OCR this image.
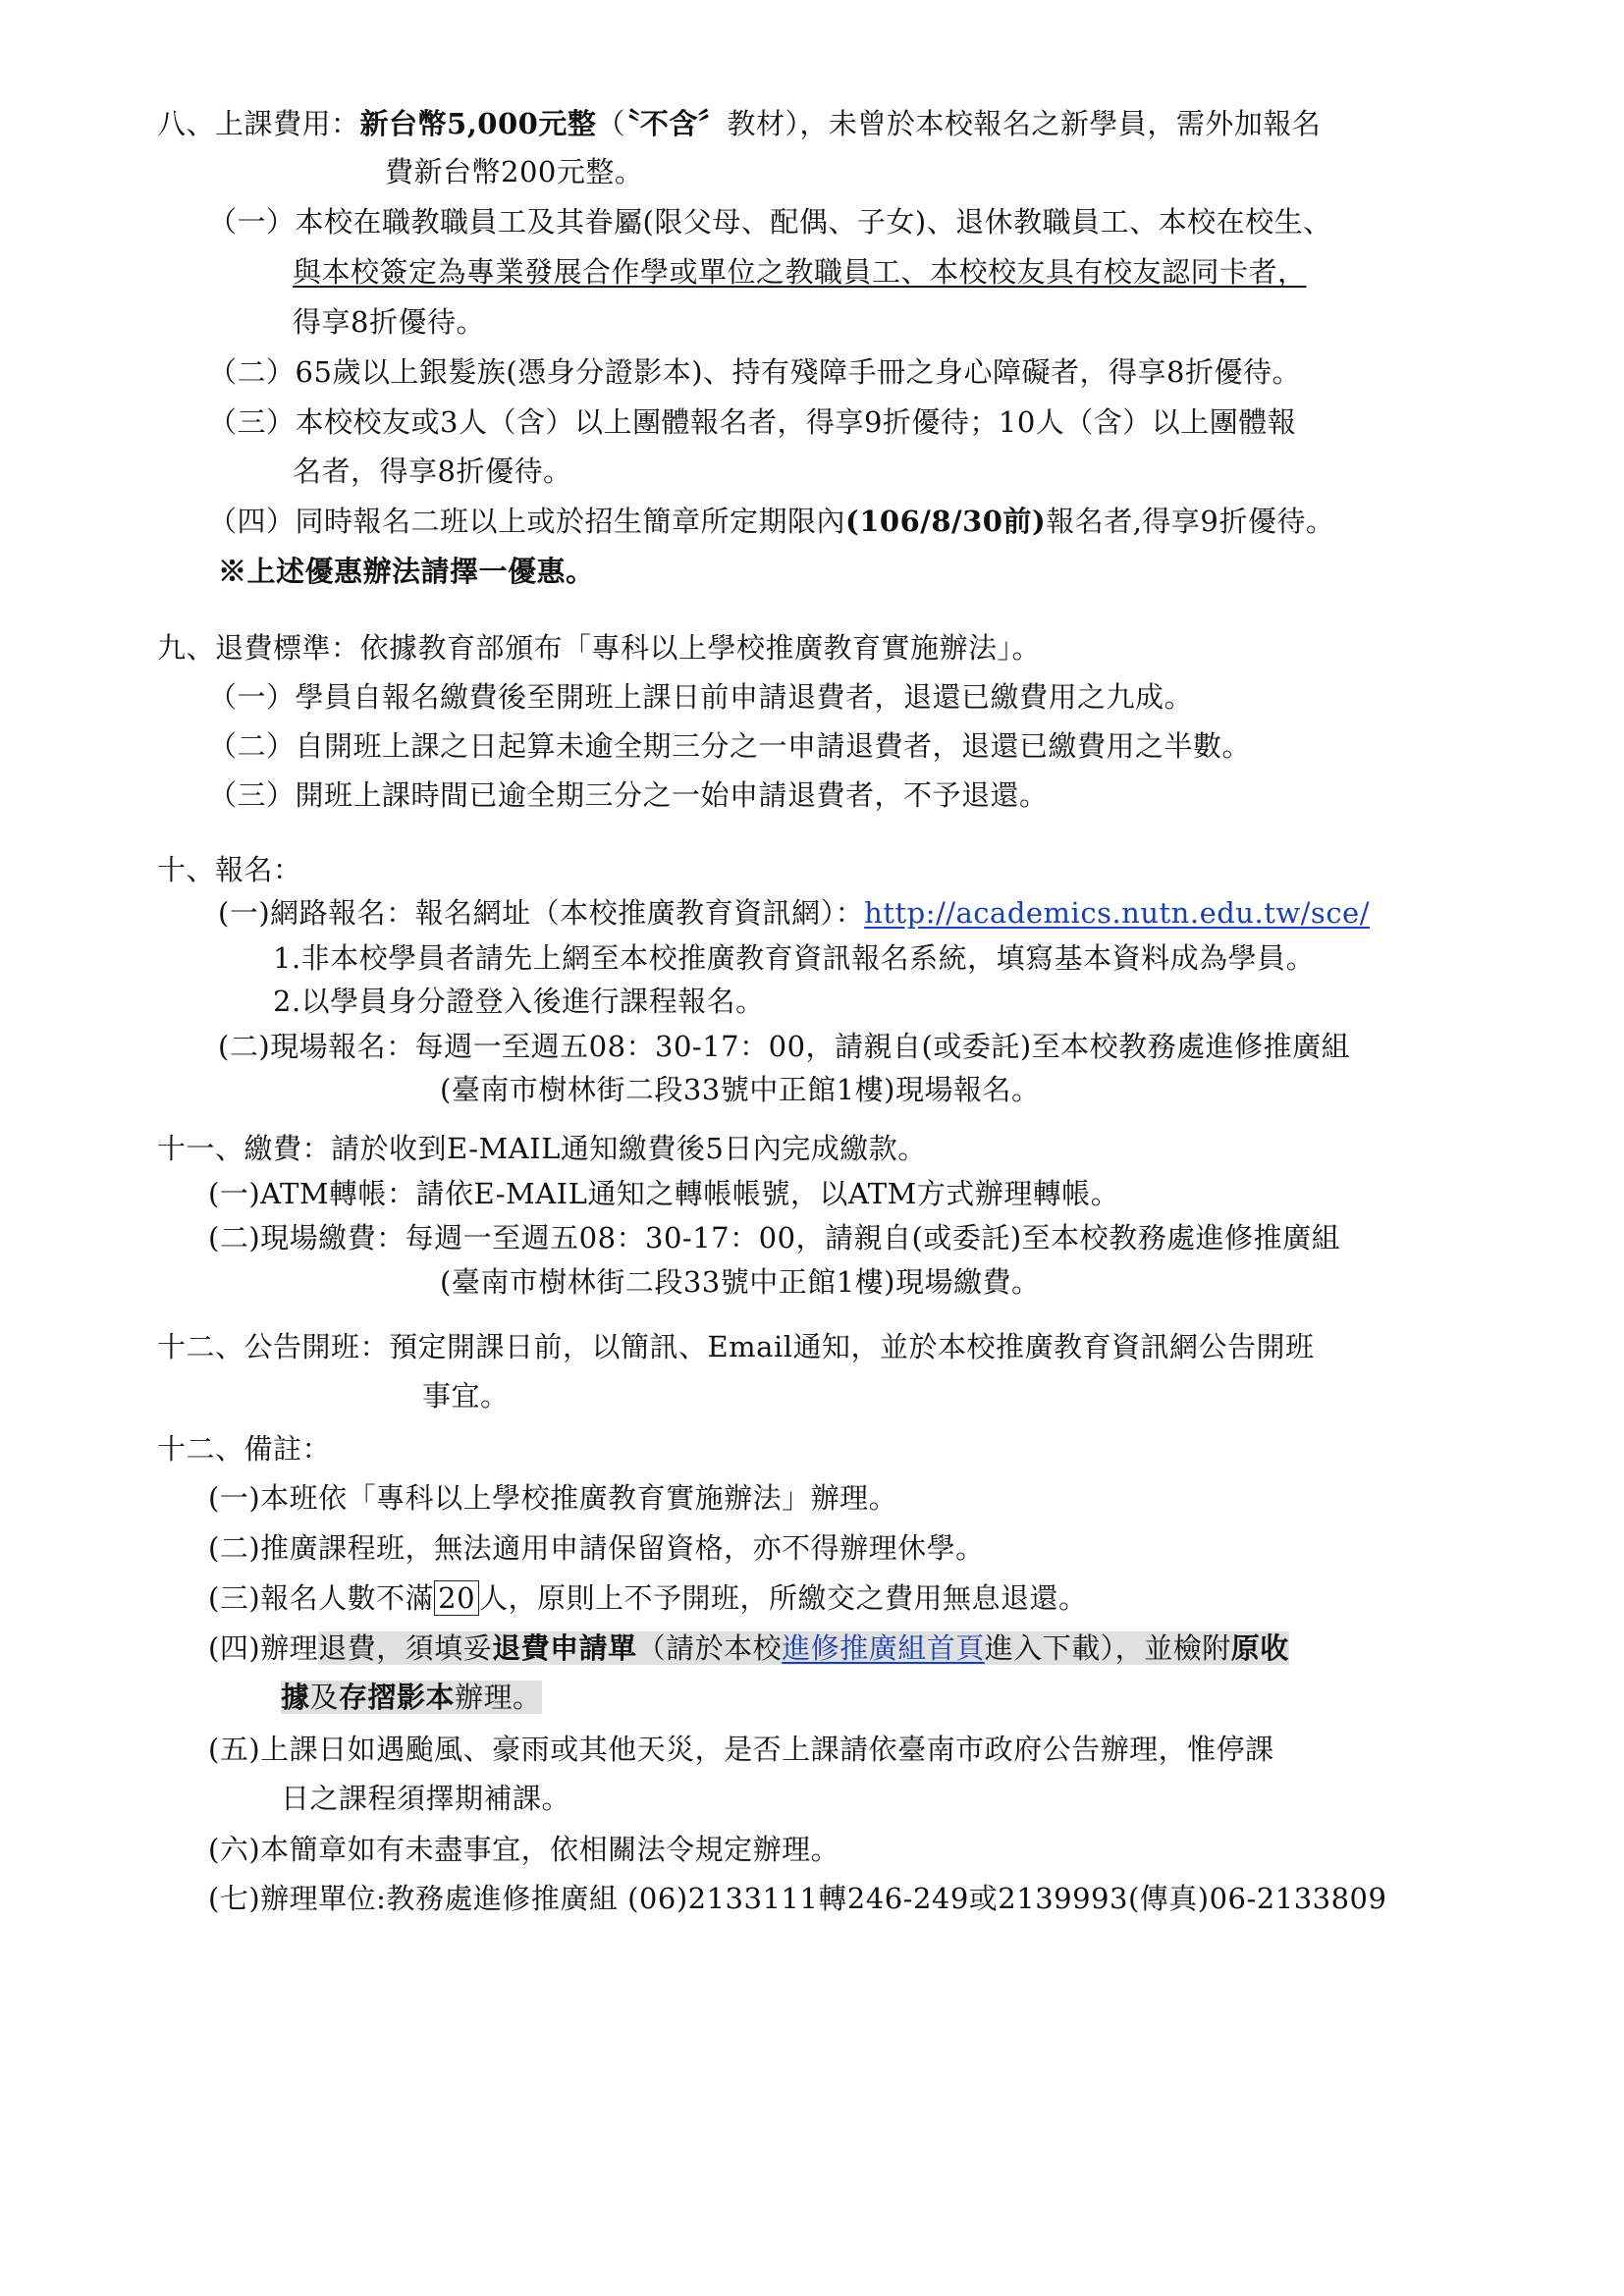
八、上課費用：新台幣5,000元整（〝不含〞教材），未曾於本校報名之新學員，需外加報名
費新台幣200元整。
（一）本校在職教職員工及其眷屬(限父母、配偶、子女)、退休教職員工、本校在校生、
與本校簽定為專業發展合作學或單位之教職員工、本校校友具有校友認同卡者，
得享8折優待。
（二）65歲以上銀髮族(憑身分證影本)、持有殘障手冊之身心障礙者，得享8折優待。
（三）本校校友或3人（含）以上團體報名者，得享9折優待；10人（含）以上團體報
名者，得享8折優待。
（四）同時報名二班以上或於招生簡章所定期限內(106/8/30前)報名者,得享9折優待。
※上述優惠辦法請擇一優惠。
九、退費標準：依據教育部頒布「專科以上學校推廣教育實施辦法」。
（一）學員自報名繳費後至開班上課日前申請退費者，退還已繳費用之九成。
（二）自開班上課之日起算未逾全期三分之一申請退費者，退還已繳費用之半數。
（三）開班上課時間已逾全期三分之一始申請退費者，不予退還。
十、報名：
(一)網路報名：報名網址（本校推廣教育資訊網）：http://academics.nutn.edu.tw/sce/
1.非本校學員者請先上網至本校推廣教育資訊報名系統，填寫基本資料成為學員。
2.以學員身分證登入後進行課程報名。
(二)現場報名：每週一至週五08：30-17：00，請親自(或委託)至本校教務處進修推廣組
(臺南市樹林街二段33號中正館1樓)現場報名。
十一、繳費：請於收到E-MAIL通知繳費後5日內完成繳款。
(一)ATM轉帳：請依E-MAIL通知之轉帳帳號，以ATM方式辦理轉帳。
(二)現場繳費：每週一至週五08：30-17：00，請親自(或委託)至本校教務處進修推廣組
(臺南市樹林街二段33號中正館1樓)現場繳費。
十二、公告開班：預定開課日前，以簡訊、Email通知，並於本校推廣教育資訊網公告開班
事宜。
十二、備註：
(一)本班依「專科以上學校推廣教育實施辦法」辦理。
(二)推廣課程班，無法適用申請保留資格，亦不得辦理休學。
(三)報名人數不滿 20 人，原則上不予開班，所繳交之費用無息退還。
(四)辦理退費，須填妥退費申請單（請於本校進修推廣組首頁進入下載），並檢附原收
據及存摺影本辦理。
(五)上課日如遇颱風、豪雨或其他天災，是否上課請依臺南市政府公告辦理，惟停課
日之課程須擇期補課。
(六)本簡章如有未盡事宜，依相關法令規定辦理。
(七)辦理單位:教務處進修推廣組 (06)2133111轉246-249或2139993(傳真)06-2133809
